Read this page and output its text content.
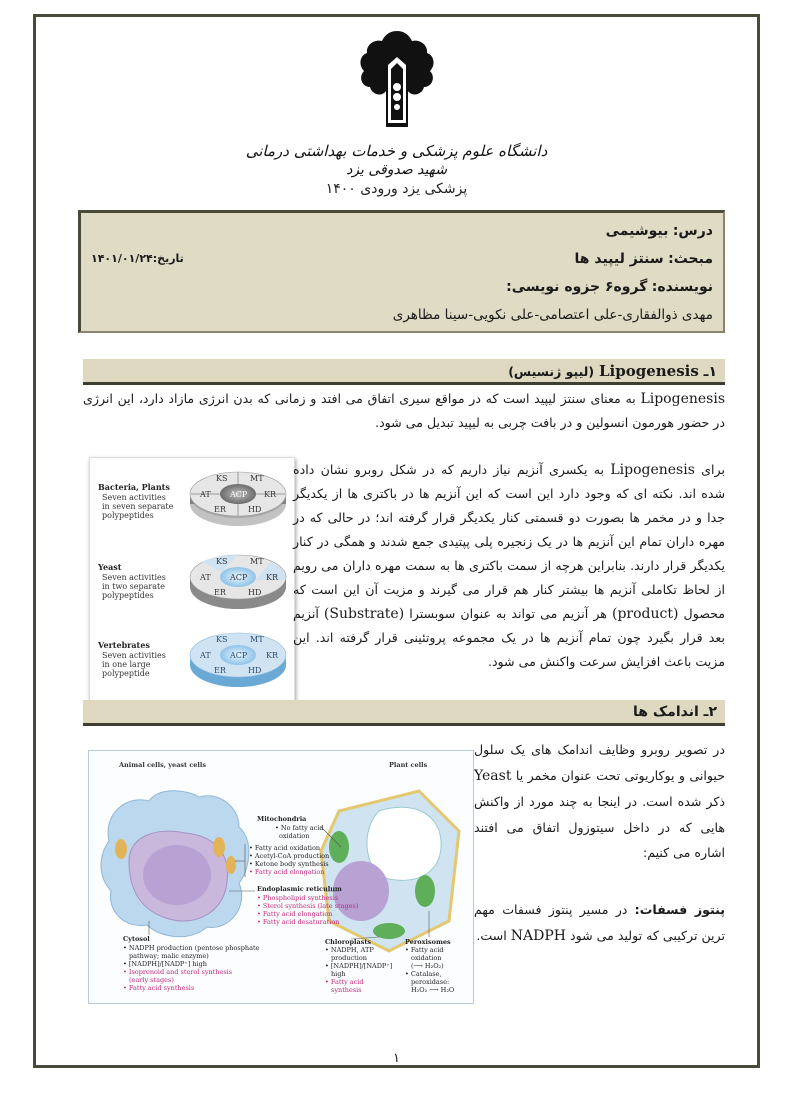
دانشگاه علوم پزشکی و خدمات بهداشتی درمانی
شهید صدوقی یزد
پزشکی یزد ورودی ۱۴۰۰
درس: بیوشیمی
مبحث: سنتز لیپید ها
تاریخ:۱۴۰۱/۰۱/۲۴
نویسنده: گروه۶ جزوه نویسی:
مهدی ذوالفقاری-علی اعتصامی-علی نکویی-سینا مظاهری
۱ـ Lipogenesis (لیپو ژنسیس)
Lipogenesis به معنای سنتز لیپید است که در مواقع سیری اتفاق می افتد و زمانی که بدن انرژی مازاد دارد، این انرژی در حضور هورمون انسولین و در بافت چربی به لیپید تبدیل می شود.
KS	MT
AT ACP KR
ER	HD
Bacteria, Plants
Seven activities
in seven separate
polypeptides
KS	MT
AT ACP KR
ER	HD
Yeast
Seven activities
in two separate
polypeptides
KS	MT
AT ACP KR
ER	HD
Vertebrates
Seven activities
in one large
polypeptide
برای Lipogenesis به یکسری آنزیم نیاز داریم که در شکل روبرو نشان داده شده اند. نکته ای که وجود دارد این است که این آنزیم ها در باکتری ها از یکدیگر جدا و در مخمر ها بصورت دو قسمتی کنار یکدیگر قرار گرفته اند؛ در حالی که در مهره داران تمام این آنزیم ها در یک زنجیره پلی پپتیدی جمع شدند و همگی در کنار یکدیگر قرار دارند. بنابراین هرچه از سمت باکتری ها به سمت مهره داران می رویم از لحاظ تکاملی آنزیم ها بیشتر کنار هم قرار می گیرند و مزیت آن این است که محصول (product) هر آنزیم می تواند به عنوان سوبسترا (Substrate) آنزیم بعد قرار بگیرد چون تمام آنزیم ها در یک مجموعه پروتئینی قرار گرفته اند. این مزیت باعث افزایش سرعت واکنش می شود.
۲ـ اندامک ها
Animal cells, yeast cells	Plant cells
Mitochondria
• No fatty acid
oxidation
• Fatty acid oxidation
• Acetyl-CoA production
• Ketone body synthesis
• Fatty acid elongation
Endoplasmic reticulum
• Phospholipid synthesis
• Sterol synthesis (late stages)
• Fatty acid elongation
• Fatty acid desaturation
Cytosol
• NADPH production (pentose phosphate
pathway; malic enzyme)
• [NADPH]/[NADP⁺] high
• Isoprenoid and sterol synthesis
(early stages)
• Fatty acid synthesis
Chloroplasts
• NADPH, ATP
production
• [NADPH]/[NADP⁺]
high
• Fatty acid
synthesis
Peroxisomes
• Fatty acid
oxidation
(⟶ H₂O₂)
• Catalase,
peroxidase:
H₂O₂ ⟶ H₂O
در تصویر روبرو وظایف اندامک های یک سلول حیوانی و یوکاریوتی تحت عنوان مخمر یا Yeast ذکر شده است. در اینجا به چند مورد از واکنش هایی که در داخل سیتوزول اتفاق می افتند اشاره می کنیم:
پنتوز فسفات: در مسیر پنتوز فسفات مهم ترین ترکیبی که تولید می شود NADPH است.
۱
